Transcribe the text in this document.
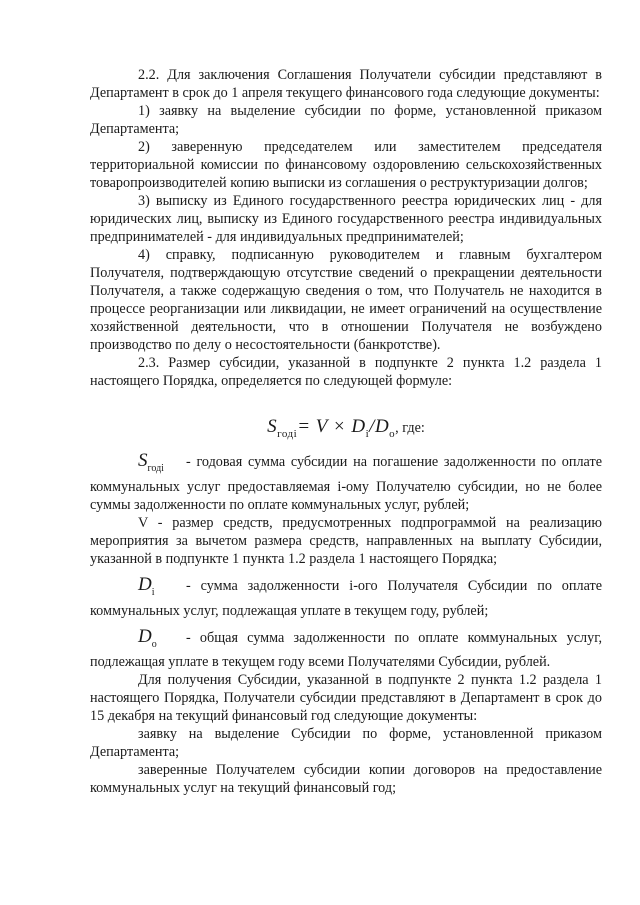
2.2. Для заключения Соглашения Получатели субсидии представляют в Департамент в срок до 1 апреля текущего финансового года следующие документы:

1) заявку на выделение субсидии по форме, установленной приказом Департамента;

2) заверенную председателем или заместителем председателя территориальной комиссии по финансовому оздоровлению сельскохозяйственных товаропроизводителей копию выписки из соглашения о реструктуризации долгов;

3) выписку из Единого государственного реестра юридических лиц - для юридических лиц, выписку из Единого государственного реестра индивидуальных предпринимателей - для индивидуальных предпринимателей;

4) справку, подписанную руководителем и главным бухгалтером Получателя, подтверждающую отсутствие сведений о прекращении деятельности Получателя, а также содержащую сведения о том, что Получатель не находится в процессе реорганизации или ликвидации, не имеет ограничений на осуществление хозяйственной деятельности, что в отношении Получателя не возбуждено производство по делу о несостоятельности (банкротстве).

2.3. Размер субсидии, указанной в подпункте 2 пункта 1.2 раздела 1 настоящего Порядка, определяется по следующей формуле:

$S_{годі}= V \times D_i/D_o$, где:

$S_{годі}$ - годовая сумма субсидии на погашение задолженности по оплате коммунальных услуг предоставляемая i-ому Получателю субсидии, но не более суммы задолженности по оплате коммунальных услуг, рублей;

V - размер средств, предусмотренных подпрограммой на реализацию мероприятия за вычетом размера средств, направленных на выплату Субсидии, указанной в подпункте 1 пункта 1.2 раздела 1 настоящего Порядка;

$D_i$ - сумма задолженности i-ого Получателя Субсидии по оплате коммунальных услуг, подлежащая уплате в текущем году, рублей;

$D_o$ - общая сумма задолженности по оплате коммунальных услуг, подлежащая уплате в текущем году всеми Получателями Субсидии, рублей.

Для получения Субсидии, указанной в подпункте 2 пункта 1.2 раздела 1 настоящего Порядка, Получатели субсидии представляют в Департамент в срок до 15 декабря на текущий финансовый год следующие документы:

заявку на выделение Субсидии по форме, установленной приказом Департамента;

заверенные Получателем субсидии копии договоров на предоставление коммунальных услуг на текущий финансовый год;
